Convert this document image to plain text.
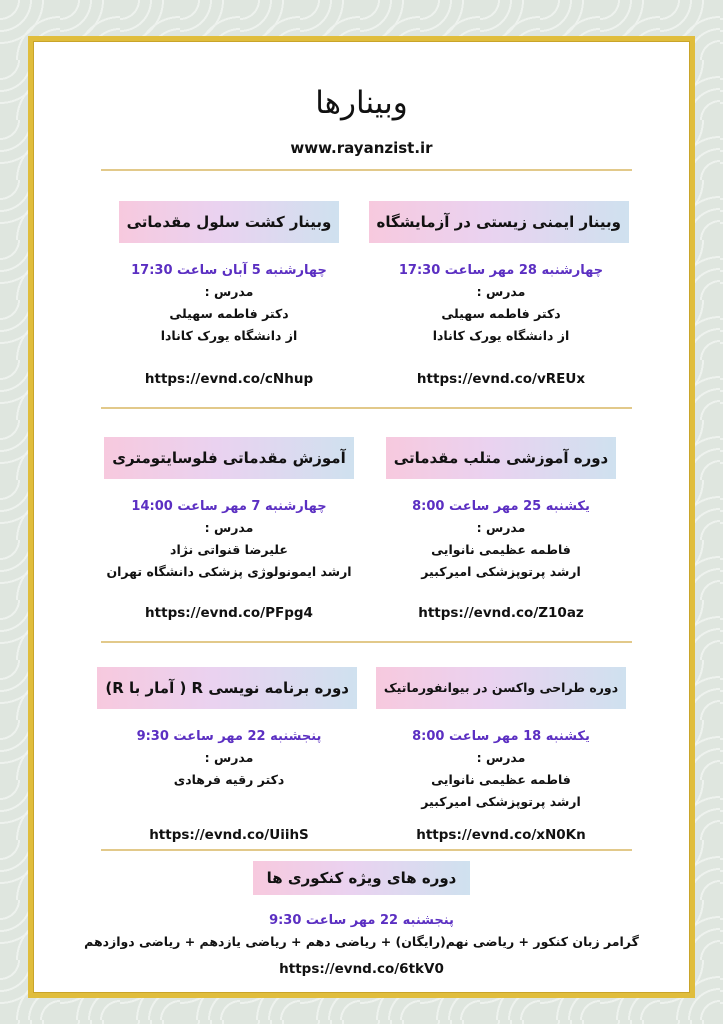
وبینارها
www.rayanzist.ir
وبینار ایمنی زیستی در آزمایشگاه
چهارشنبه 28 مهر ساعت 17:30
مدرس :
دکتر فاطمه سهیلی
از دانشگاه یورک کانادا
https://evnd.co/vREUx
وبینار کشت سلول مقدماتی
چهارشنبه 5 آبان ساعت 17:30
مدرس :
دکتر فاطمه سهیلی
از دانشگاه یورک کانادا
https://evnd.co/cNhup
دوره آموزشی متلب مقدماتی
یکشنبه 25 مهر ساعت 8:00
مدرس :
فاطمه عظیمی نانوایی
ارشد پرتوپزشکی امیرکبیر
https://evnd.co/Z10az
آموزش مقدماتی فلوسایتومتری
چهارشنبه 7 مهر ساعت 14:00
مدرس :
علیرضا قنواتی نژاد
ارشد ایمونولوژی پزشکی دانشگاه تهران
https://evnd.co/PFpg4
دوره طراحی واکسن در بیوانفورماتیک
یکشنبه 18 مهر ساعت 8:00
مدرس :
فاطمه عظیمی نانوایی
ارشد پرتوپزشکی امیرکبیر
https://evnd.co/xN0Kn
دوره برنامه نویسی R ( آمار با R)
پنجشنبه 22 مهر ساعت 9:30
مدرس :
دکتر رقیه فرهادی
https://evnd.co/UiihS
دوره های ویژه کنکوری ها
پنجشنبه 22 مهر ساعت 9:30
گرامر زبان کنکور + ریاضی نهم(رایگان) + ریاضی دهم + ریاضی یازدهم + ریاضی دوازدهم
https://evnd.co/6tkV0
